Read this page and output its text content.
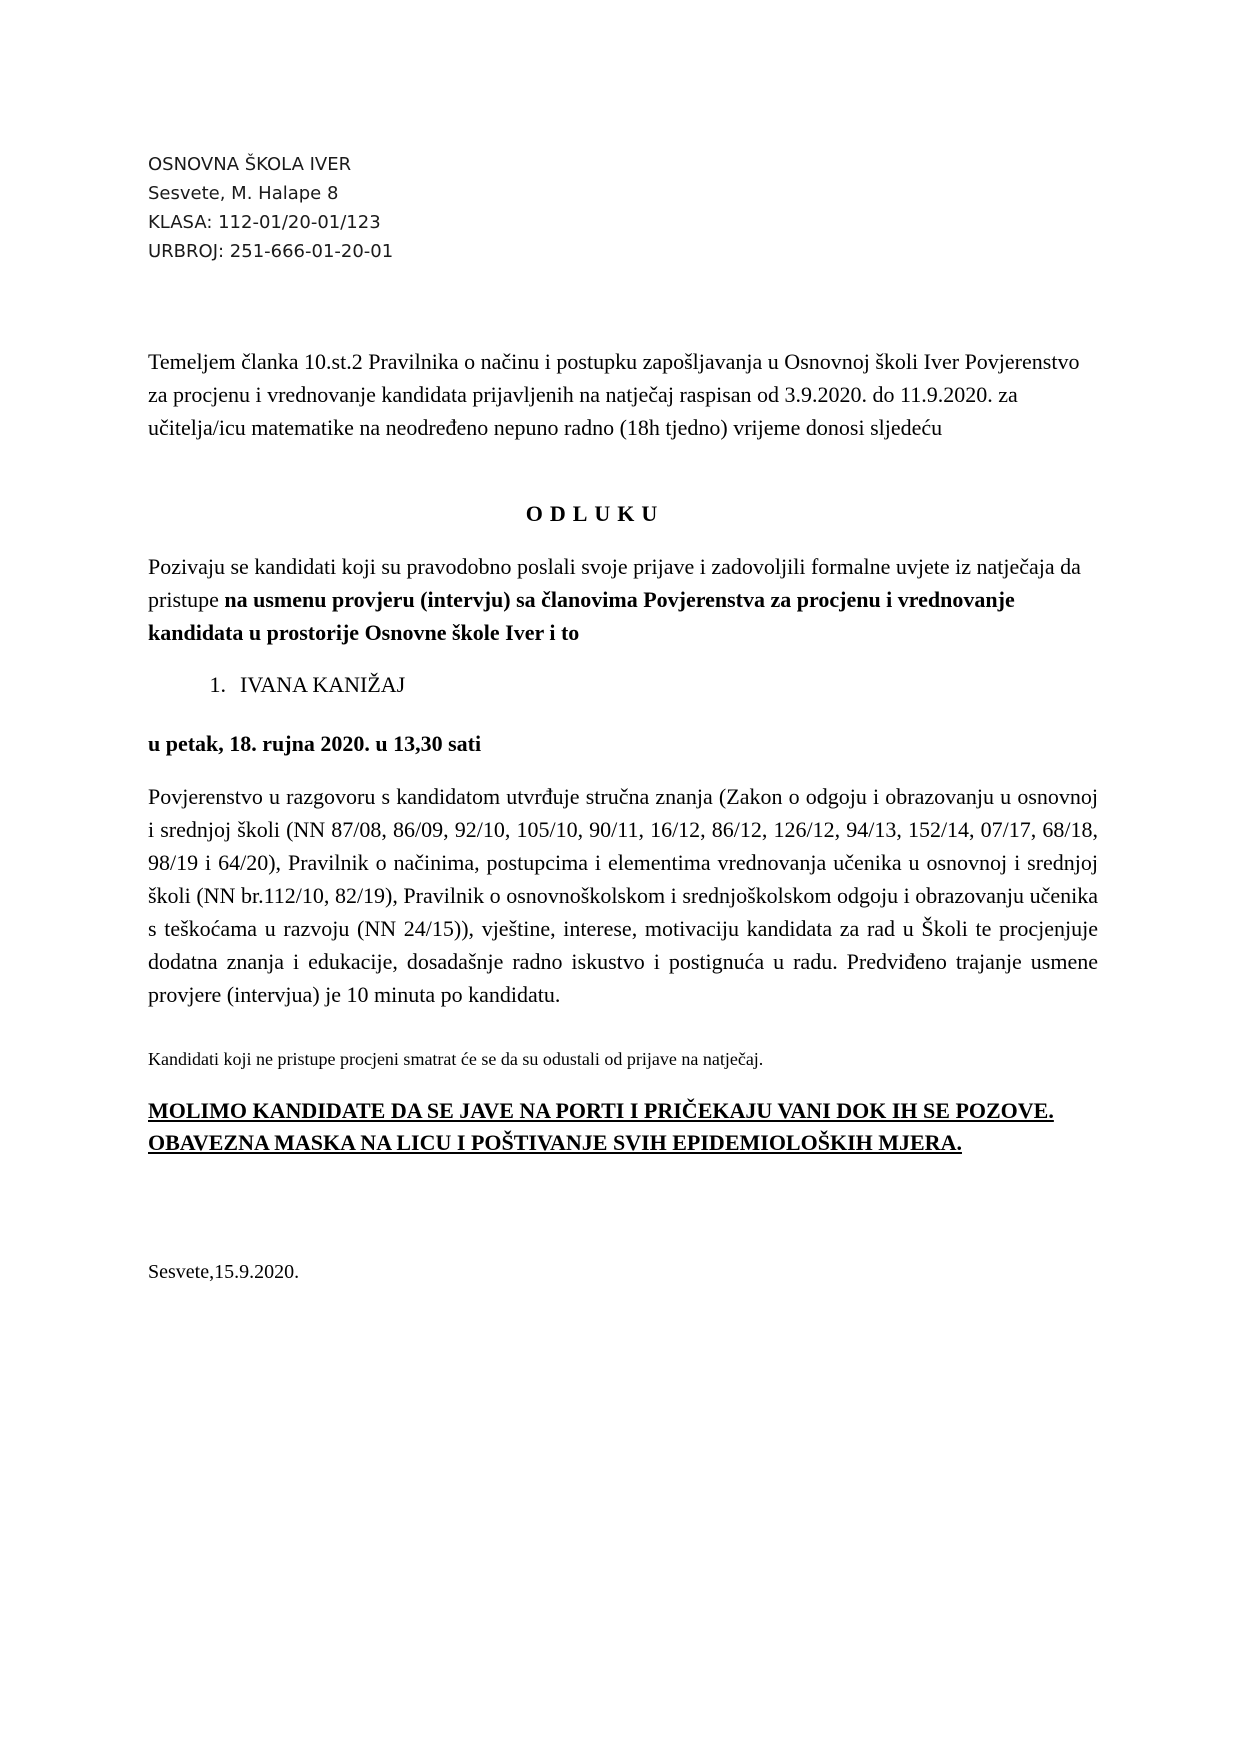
OSNOVNA ŠKOLA IVER
Sesvete, M. Halape 8
KLASA: 112-01/20-01/123
URBROJ: 251-666-01-20-01
Temeljem članka 10.st.2 Pravilnika o načinu i postupku zapošljavanja u Osnovnoj školi Iver Povjerenstvo za procjenu i vrednovanje kandidata prijavljenih na natječaj raspisan od 3.9.2020. do 11.9.2020. za učitelja/icu matematike na neodređeno nepuno radno (18h tjedno) vrijeme donosi sljedeću
ODLUKU
Pozivaju se kandidati koji su pravodobno poslali svoje prijave i zadovoljili formalne uvjete iz natječaja da pristupe na usmenu provjeru (intervju) sa članovima Povjerenstva za procjenu i vrednovanje kandidata u prostorije Osnovne škole Iver i to
1. IVANA KANIŽAJ
u petak, 18. rujna 2020. u 13,30 sati
Povjerenstvo u razgovoru s kandidatom utvrđuje stručna znanja (Zakon o odgoju i obrazovanju u osnovnoj i srednjoj školi (NN 87/08, 86/09, 92/10, 105/10, 90/11, 16/12, 86/12, 126/12, 94/13, 152/14, 07/17, 68/18, 98/19 i 64/20), Pravilnik o načinima, postupcima i elementima vrednovanja učenika u osnovnoj i srednjoj školi (NN br.112/10, 82/19), Pravilnik o osnovnoškolskom i srednjoškolskom odgoju i obrazovanju učenika s teškoćama u razvoju (NN 24/15)), vještine, interese, motivaciju kandidata za rad u Školi te procjenjuje dodatna znanja i edukacije, dosadašnje radno iskustvo i postignuća u radu. Predviđeno trajanje usmene provjere (intervjua) je 10 minuta po kandidatu.
Kandidati koji ne pristupe procjeni smatrat će se da su odustali od prijave na natječaj.
MOLIMO KANDIDATE DA SE JAVE NA PORTI I PRIČEKAJU VANI DOK IH SE POZOVE. OBAVEZNA MASKA NA LICU I POŠTIVANJE SVIH EPIDEMIOLOŠKIH MJERA.
Sesvete,15.9.2020.
